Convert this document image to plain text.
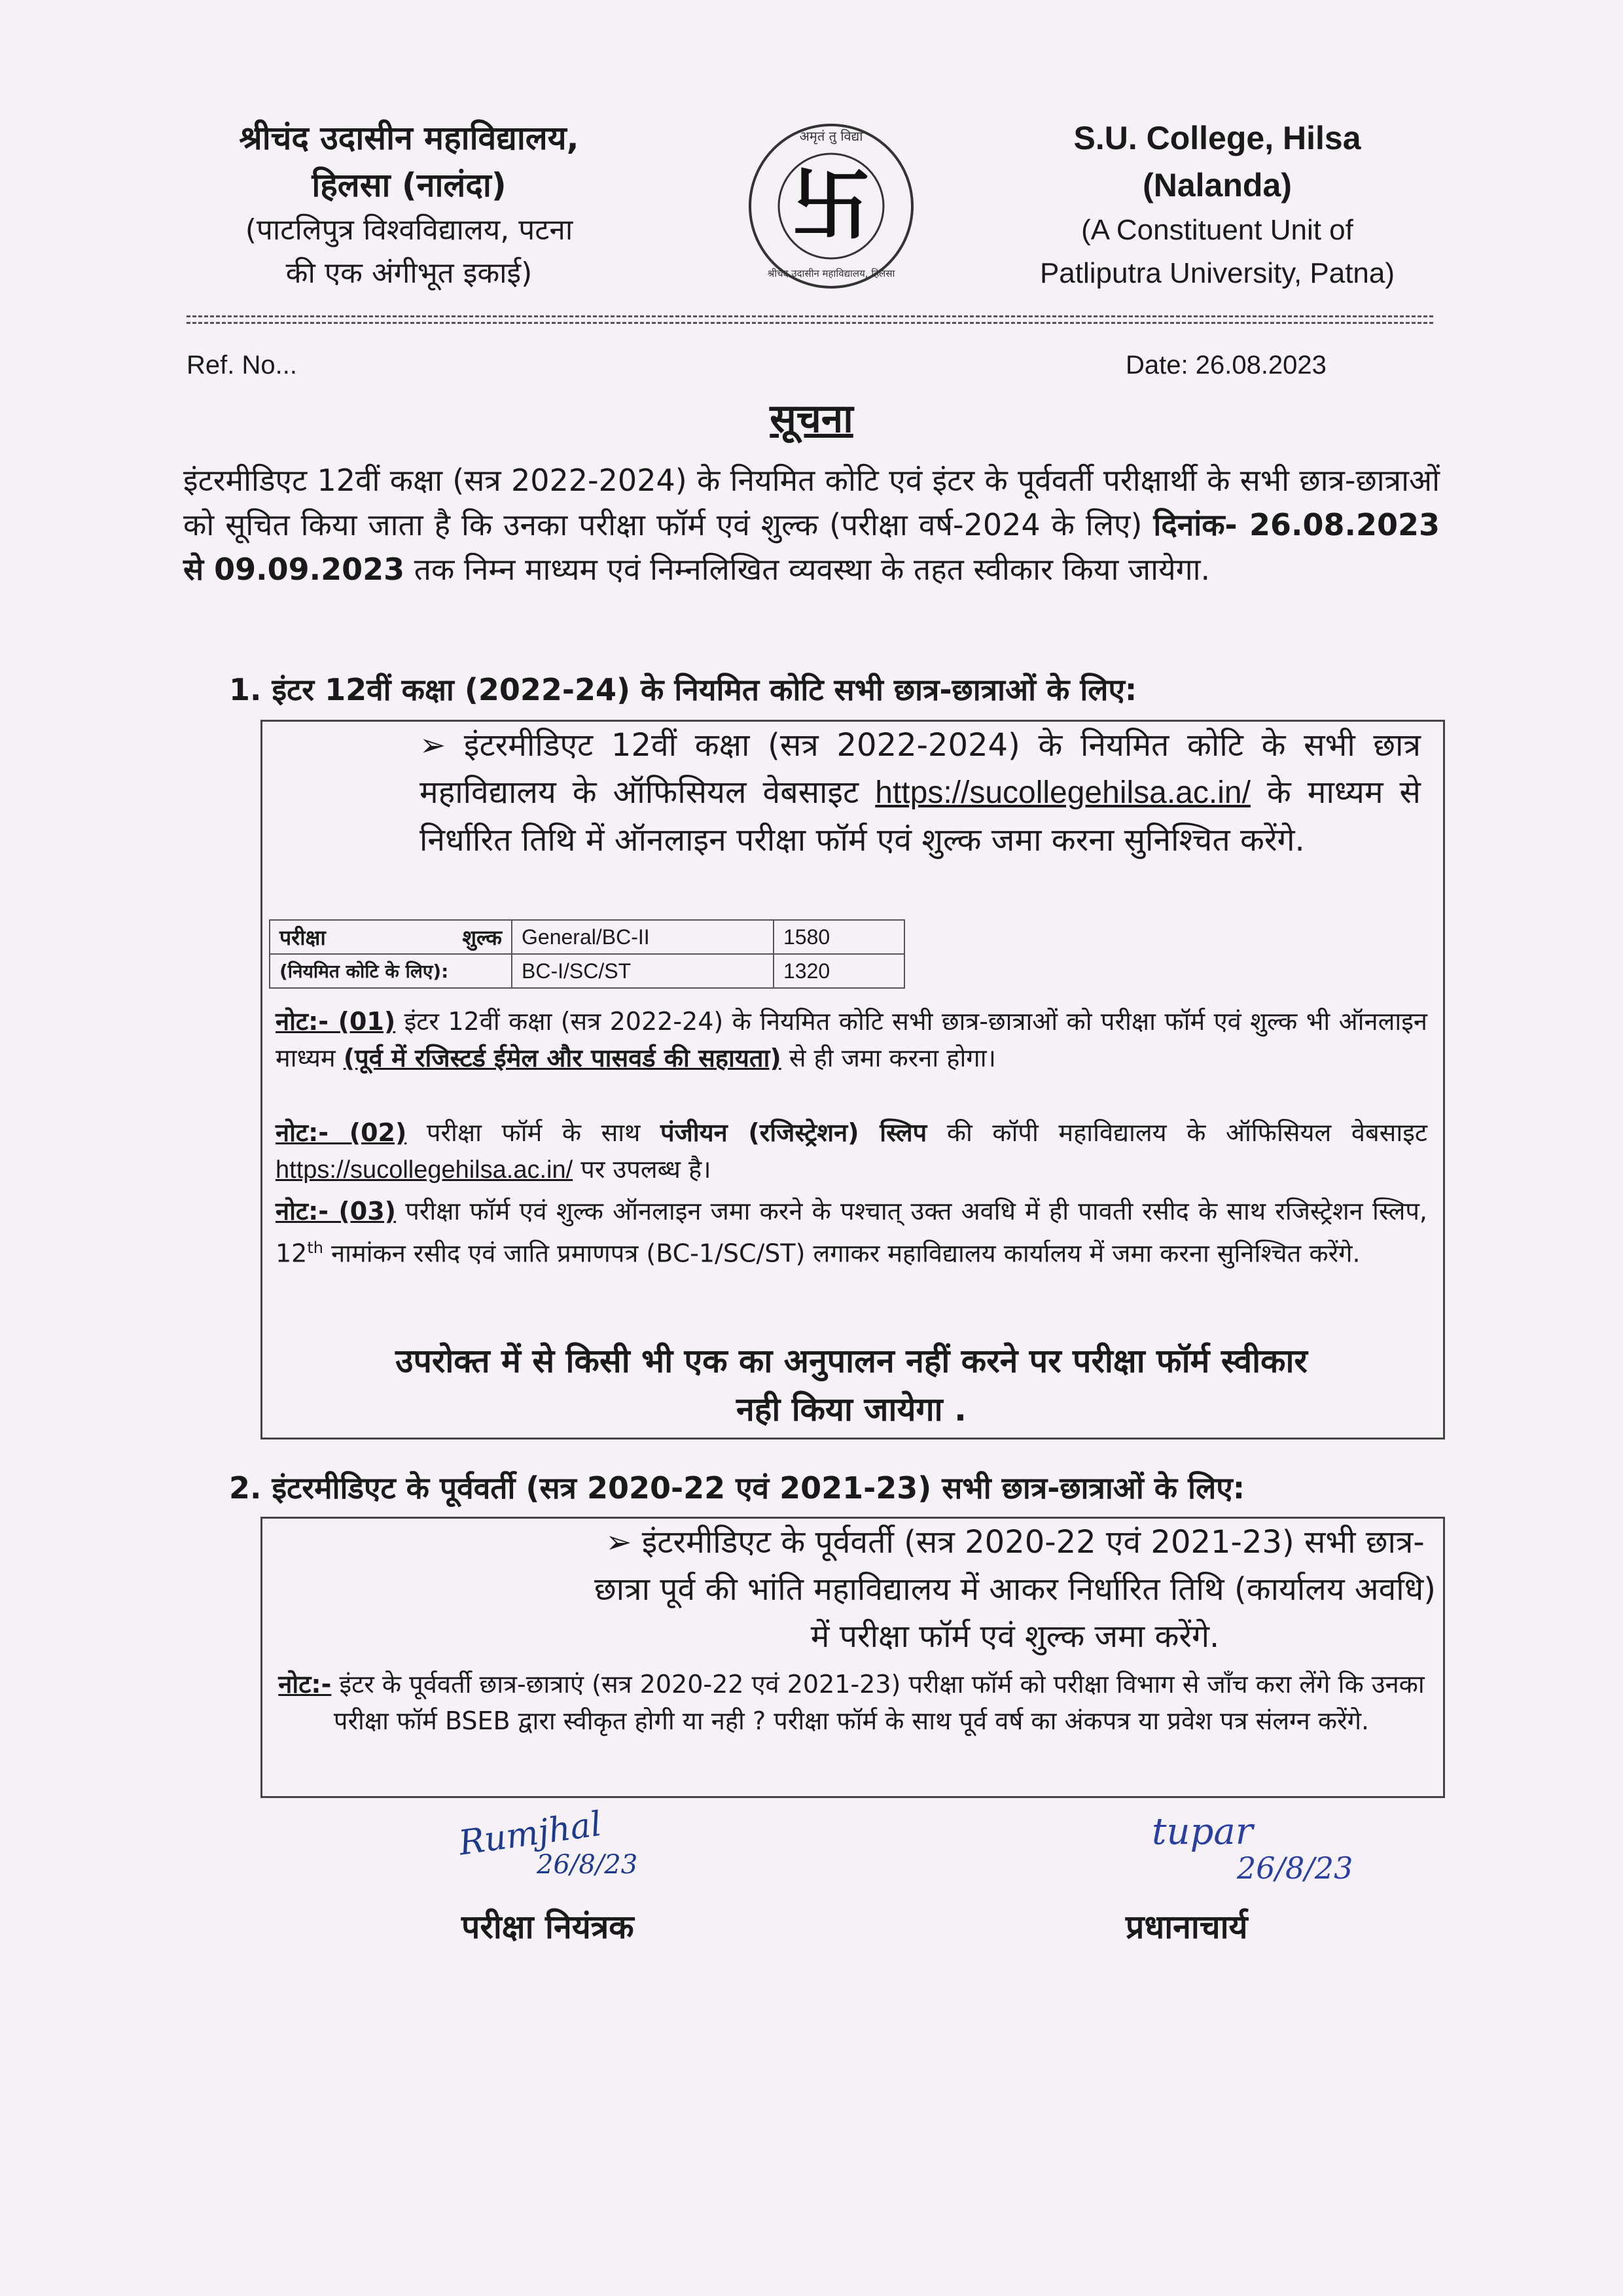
श्रीचंद उदासीन महाविद्यालय,
हिलसा (नालंदा)
(पाटलिपुत्र विश्वविद्यालय, पटना
की एक अंगीभूत इकाई)
卐
अमृतं तु विद्या
श्रीचंद उदासीन महाविद्यालय, हिलसा
S.U. College, Hilsa
(Nalanda)
(A Constituent Unit of
Patliputra University, Patna)
Ref. No...	Date: 26.08.2023
सूचना

इंटरमीडिएट 12वीं कक्षा (सत्र 2022-2024) के नियमित कोटि एवं इंटर के पूर्ववर्ती परीक्षार्थी के सभी छात्र-छात्राओं को सूचित किया जाता है कि उनका परीक्षा फॉर्म एवं शुल्क (परीक्षा वर्ष-2024 के लिए) दिनांक- 26.08.2023 से 09.09.2023 तक निम्न माध्यम एवं निम्नलिखित व्यवस्था के तहत स्वीकार किया जायेगा.

1. इंटर 12वीं कक्षा (2022-24) के नियमित कोटि सभी छात्र-छात्राओं के लिए:

➢ इंटरमीडिएट 12वीं कक्षा (सत्र 2022-2024) के नियमित कोटि के सभी छात्र महाविद्यालय के ऑफिसियल वेबसाइट https://sucollegehilsa.ac.in/ के माध्यम से निर्धारित तिथि में ऑनलाइन परीक्षा फॉर्म एवं शुल्क जमा करना सुनिश्चित करेंगे.

परीक्षा शुल्क	General/BC-II	1580
(नियमित कोटि के लिए):	BC-I/SC/ST	1320

नोट:- (01) इंटर 12वीं कक्षा (सत्र 2022-24) के नियमित कोटि सभी छात्र-छात्राओं को परीक्षा फॉर्म एवं शुल्क भी ऑनलाइन माध्यम (पूर्व में रजिस्टर्ड ईमेल और पासवर्ड की सहायता) से ही जमा करना होगा।

नोट:- (02) परीक्षा फॉर्म के साथ पंजीयन (रजिस्ट्रेशन) स्लिप की कॉपी महाविद्यालय के ऑफिसियल वेबसाइट https://sucollegehilsa.ac.in/ पर उपलब्ध है।

नोट:- (03) परीक्षा फॉर्म एवं शुल्क ऑनलाइन जमा करने के पश्चात् उक्त अवधि में ही पावती रसीद के साथ रजिस्ट्रेशन स्लिप, 12th नामांकन रसीद एवं जाति प्रमाणपत्र (BC-1/SC/ST) लगाकर महाविद्यालय कार्यालय में जमा करना सुनिश्चित करेंगे.

उपरोक्त में से किसी भी एक का अनुपालन नहीं करने पर परीक्षा फॉर्म स्वीकार नही किया जायेगा .

2. इंटरमीडिएट के पूर्ववर्ती (सत्र 2020-22 एवं 2021-23) सभी छात्र-छात्राओं के लिए:

➢ इंटरमीडिएट के पूर्ववर्ती (सत्र 2020-22 एवं 2021-23) सभी छात्र- छात्रा पूर्व की भांति महाविद्यालय में आकर निर्धारित तिथि (कार्यालय अवधि) में परीक्षा फॉर्म एवं शुल्क जमा करेंगे.

नोट:- इंटर के पूर्ववर्ती छात्र-छात्राएं (सत्र 2020-22 एवं 2021-23) परीक्षा फॉर्म को परीक्षा विभाग से जाँच करा लेंगे कि उनका परीक्षा फॉर्म BSEB द्वारा स्वीकृत होगी या नही ? परीक्षा फॉर्म के साथ पूर्व वर्ष का अंकपत्र या प्रवेश पत्र संलग्न करेंगे.

Rumjhal
26/8/23
परीक्षा नियंत्रक
tupar
26/8/23
प्रधानाचार्य
